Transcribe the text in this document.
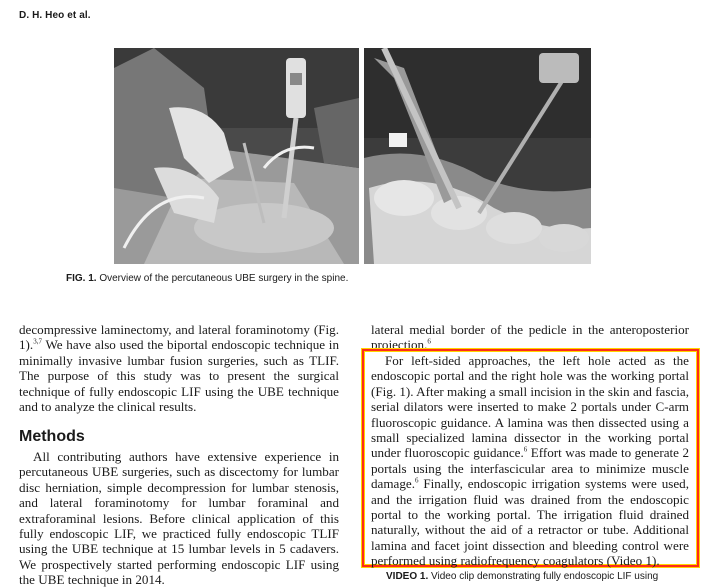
D. H. Heo et al.
FIG. 1. Overview of the percutaneous UBE surgery in the spine.

decompressive laminectomy, and lateral foraminotomy (Fig. 1).$^{3,7}$ We have also used the biportal endoscopic technique in minimally invasive lumbar fusion surgeries, such as TLIF. The purpose of this study was to present the surgical technique of fully endoscopic LIF using the UBE technique and to analyze the clinical results.

Methods

All contributing authors have extensive experience in percutaneous UBE surgeries, such as discectomy for lumbar disc herniation, simple decompression for lumbar stenosis, and lateral foraminotomy for lumbar foraminal and extraforaminal lesions. Before clinical application of this fully endoscopic LIF, we practiced fully endoscopic TLIF using the UBE technique at 15 lumbar levels in 5 cadavers. We prospectively started performing endoscopic LIF using the UBE technique in 2014.

lateral medial border of the pedicle in the anteroposterior projection.$^6$

For left-sided approaches, the left hole acted as the endoscopic portal and the right hole was the working portal (Fig. 1). After making a small incision in the skin and fascia, serial dilators were inserted to make 2 portals under C-arm fluoroscopic guidance. A lamina was then dissected using a small specialized lamina dissector in the working portal under fluoroscopic guidance.$^6$ Effort was made to generate 2 portals using the interfascicular area to minimize muscle damage.$^6$ Finally, endoscopic irrigation systems were used, and the irrigation fluid was drained from the endoscopic portal to the working portal. The irrigation fluid drained naturally, without the aid of a retractor or tube. Additional lamina and facet joint dissection and bleeding control were performed using radiofrequency coagulators (Video 1).

VIDEO 1. Video clip demonstrating fully endoscopic LIF using
